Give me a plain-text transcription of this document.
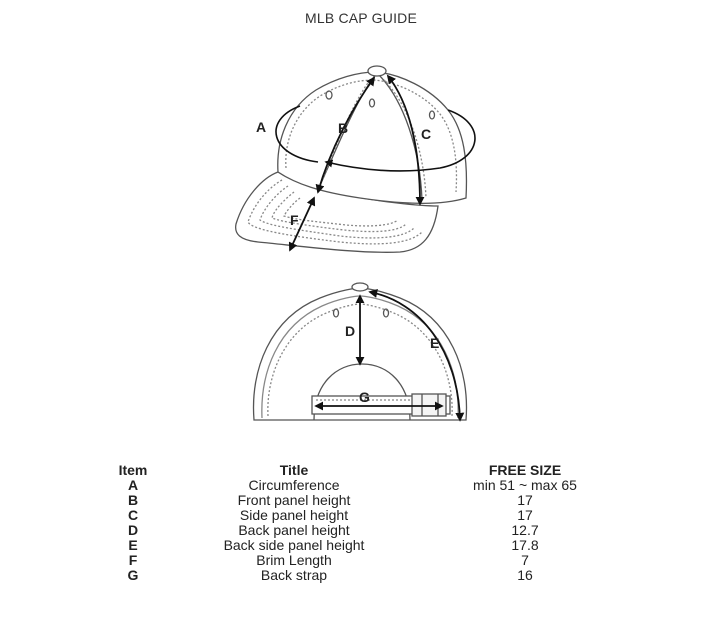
MLB CAP GUIDE
A	B	C
F
D
E
G
Item	Title	FREE SIZE
A	Circumference	min 51 ~ max 65
B	Front panel height	17
C	Side panel height	17
D	Back panel height	12.7
E	Back side panel height	17.8
F	Brim Length	7
G	Back strap	16
